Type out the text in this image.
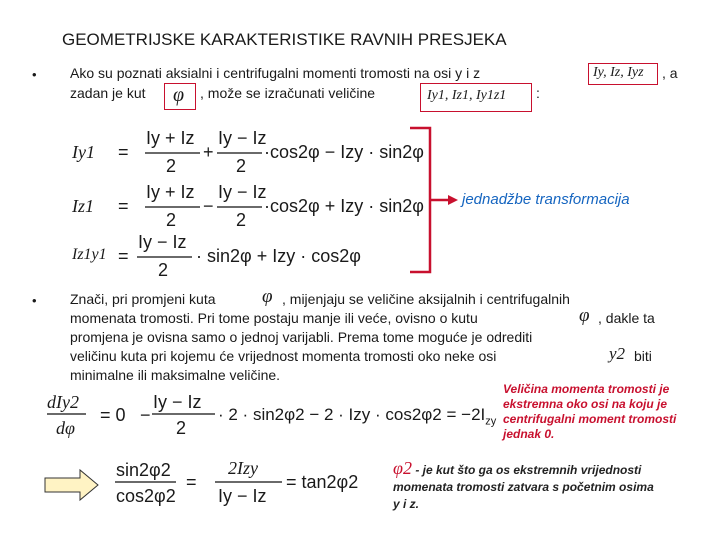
GEOMETRIJSKE KARAKTERISTIKE RAVNIH PRESJEKA
• Ako su poznati aksialni i centrifugalni momenti tromosti na osi y i z	Iy, Iz, Iyz , a
zadan je kut φ , može se izračunati veličine	Iy1, Iz1, Iy1z1 :
Iy1 =
Iy + Iz
2
+
Iy − Iz
2
·cos2φ − Izy · sin2φ
Iz1 =
Iy + Iz
2
−
Iy − Iz
2
·cos2φ + Izy · sin2φ
Iz1y1 =
Iy − Iz
2
· sin2φ + Izy · cos2φ
jednadžbe transformacija
• Znači, pri promjeni kuta φ , mijenjaju se veličine aksijalnih i centrifugalnih
momenata tromosti. Pri tome postaju manje ili veće, ovisno o kutu	φ , dakle ta
promjena je ovisna samo o jednoj varijabli. Prema tome moguće je odrediti
veličinu kuta pri kojemu će vrijednost momenta tromosti oko neke osi	y2 biti
minimalne ili maksimalne veličine.
dIy2
dφ
= 0 −
Iy − Iz
2
· 2 · sin2φ2 − 2 · Izy · $\cos 2\varphi 2 = -2I_{zy}$
Veličina momenta tromosti je
ekstremna oko osi na koju je
centrifugalni moment tromosti
jednak 0.
sin2φ2
cos2φ2
=
2Izy
Iy − Iz
= tan2φ2
φ2 - je kut što ga os ekstremnih vrijednosti
momenata tromosti zatvara s početnim osima
y i z.
